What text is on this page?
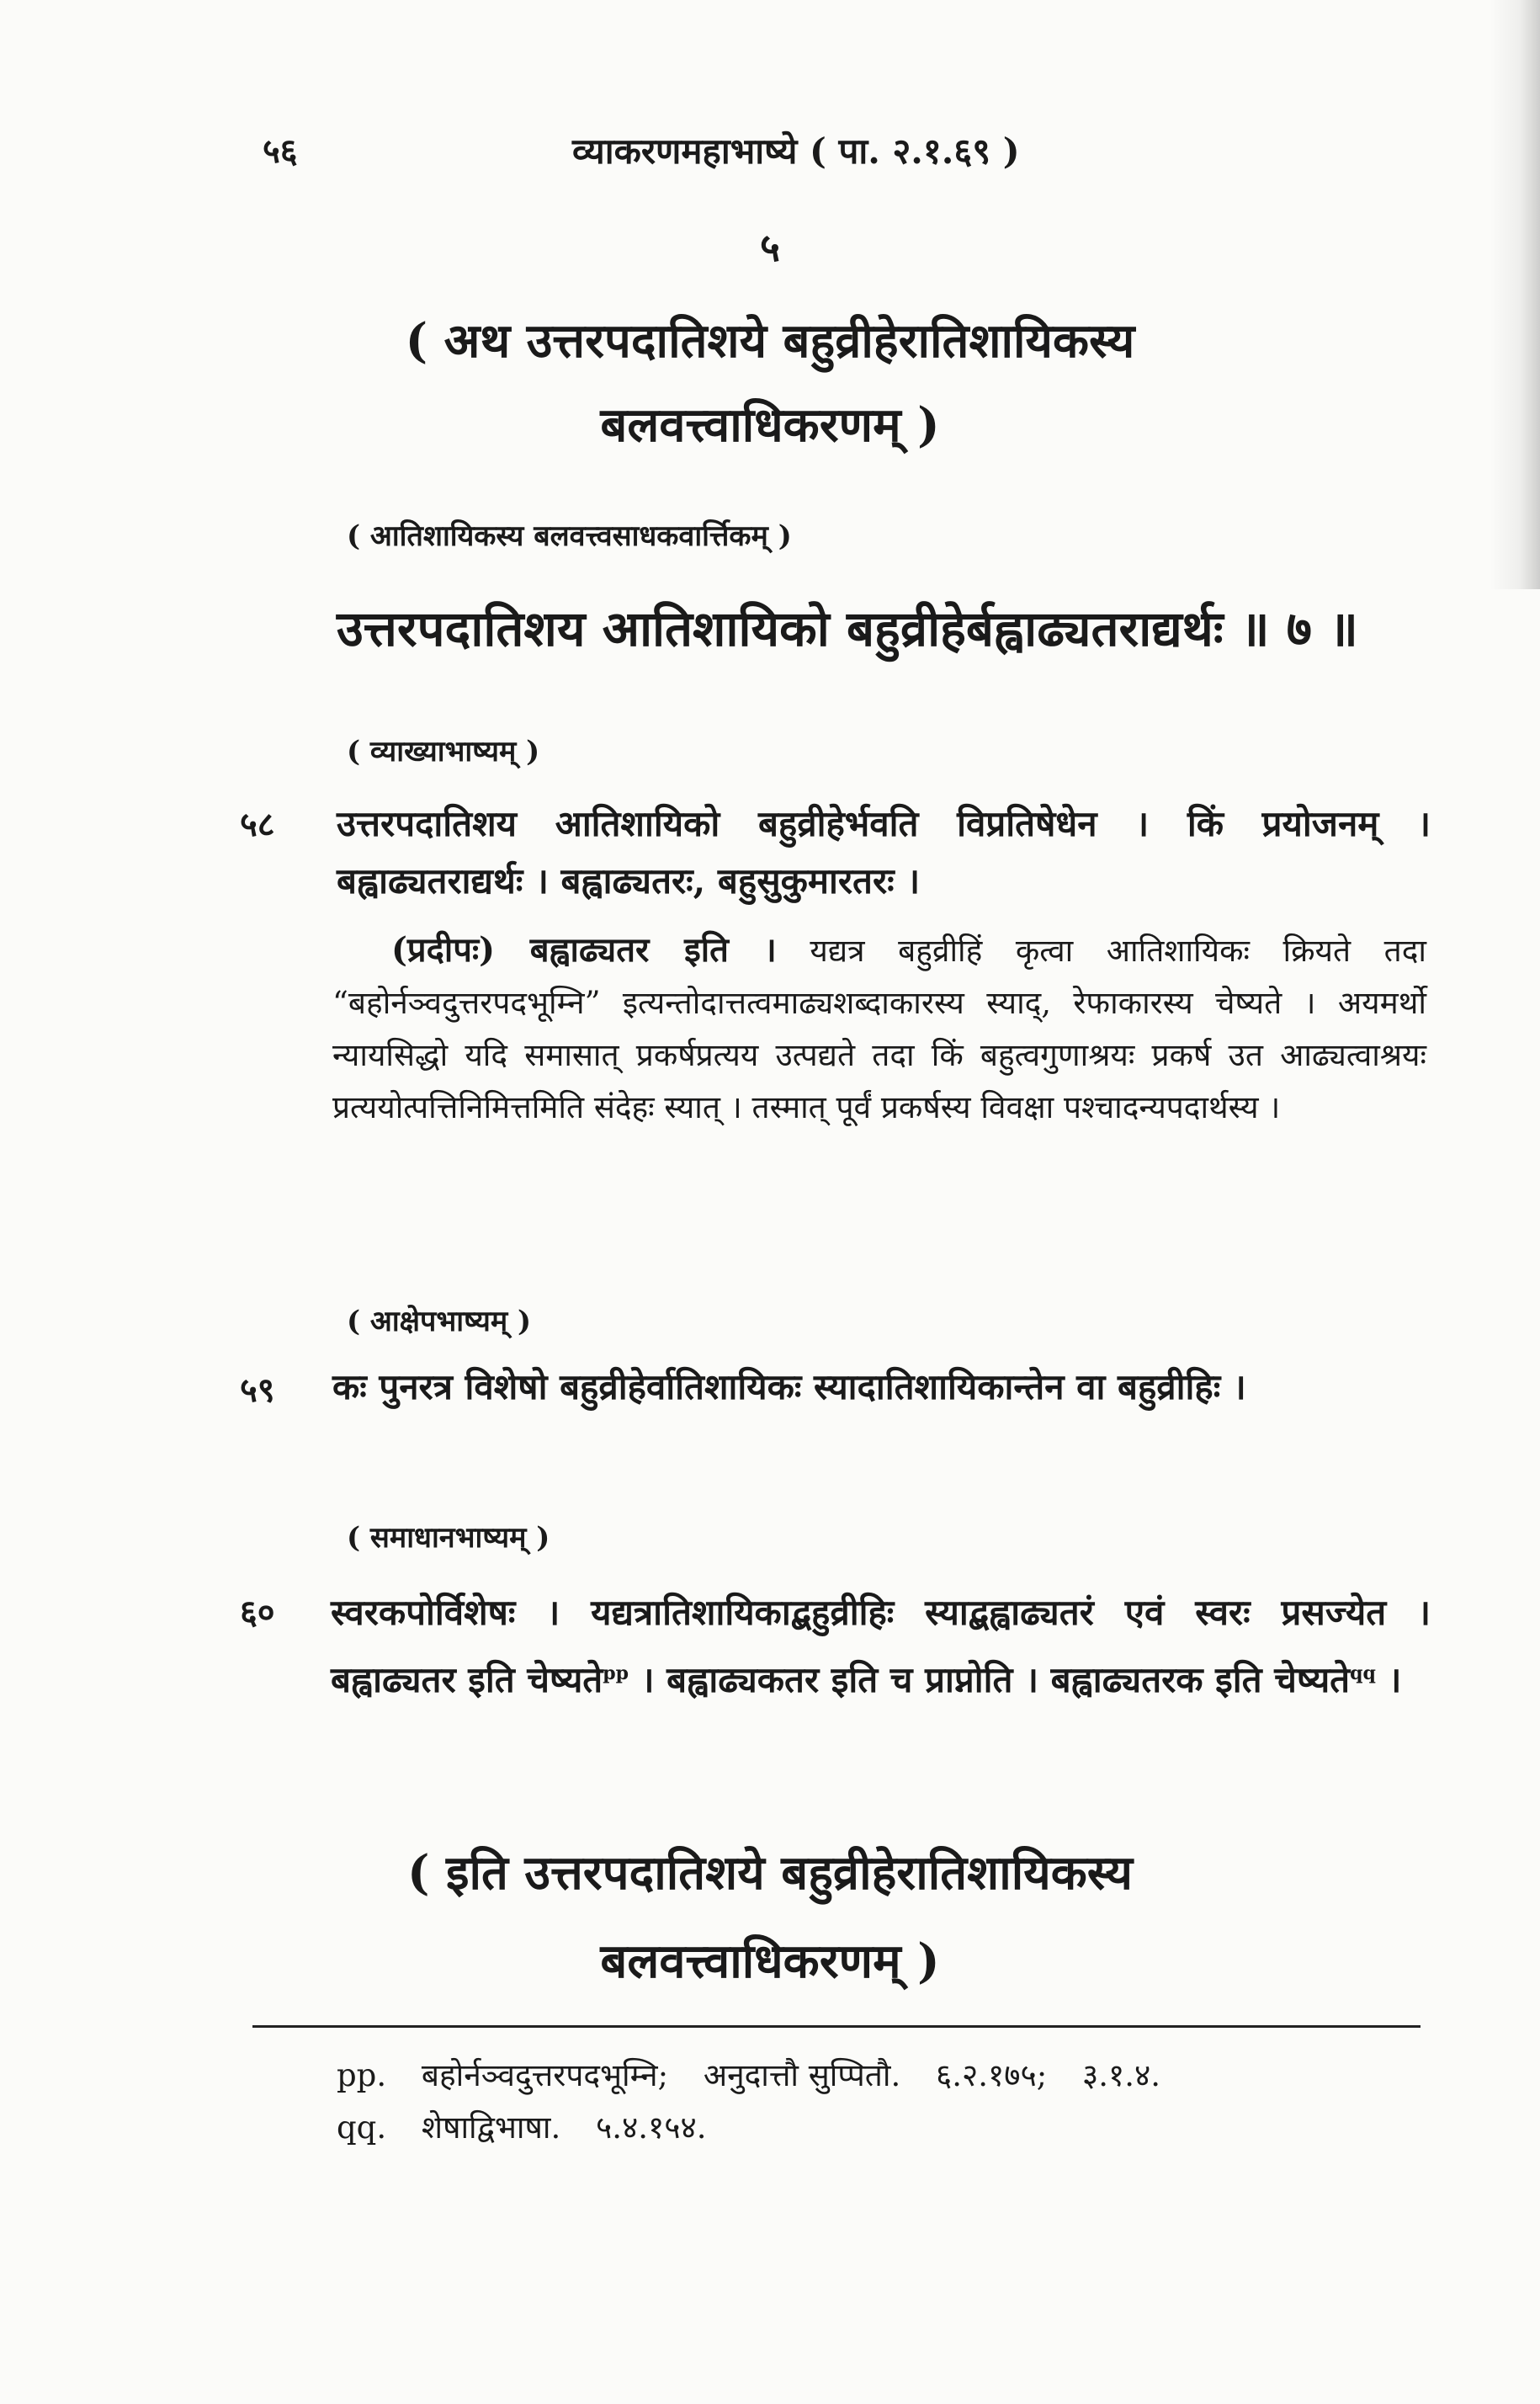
५६	व्याकरणमहाभाष्ये ( पा. २.१.६९ )
५
( अथ उत्तरपदातिशये बहुव्रीहेरातिशायिकस्य
बलवत्त्वाधिकरणम् )
( आतिशायिकस्य बलवत्त्वसाधकवार्त्तिकम् )
उत्तरपदातिशय आतिशायिको बहुव्रीहेर्बह्वाढ्यतराद्यर्थः ॥ ७ ॥
( व्याख्याभाष्यम् )
५८ उत्तरपदातिशय आतिशायिको बहुव्रीहेर्भवति विप्रतिषेधेन । किं प्रयोजनम् । बह्वाढ्यतराद्यर्थः । बह्वाढ्यतरः, बहुसुकुमारतरः ।
(प्रदीपः) बह्वाढ्यतर इति । यद्यत्र बहुव्रीहिं कृत्वा आतिशायिकः क्रियते तदा “बहोर्नञ्वदुत्तरपदभूम्नि” इत्यन्तोदात्तत्वमाढ्यशब्दाकारस्य स्याद्, रेफाकारस्य चेष्यते । अयमर्थो न्यायसिद्धो यदि समासात् प्रकर्षप्रत्यय उत्पद्यते तदा किं बहुत्वगुणाश्रयः प्रकर्ष उत आढ्यत्वाश्रयः प्रत्ययोत्पत्तिनिमित्तमिति संदेहः स्यात् । तस्मात् पूर्वं प्रकर्षस्य विवक्षा पश्चादन्यपदार्थस्य ।
( आक्षेपभाष्यम् )
५९ कः पुनरत्र विशेषो बहुव्रीहेर्वातिशायिकः स्यादातिशायिकान्तेन वा बहुव्रीहिः ।
( समाधानभाष्यम् )
६० स्वरकपोर्विशेषः । यद्यत्रातिशायिकाद्बहुव्रीहिः स्याद्बह्वाढ्यतरं एवं स्वरः प्रसज्येत । बह्वाढ्यतर इति चेष्यते$^{pp}$ । बह्वाढ्यकतर इति च प्राप्नोति । बह्वाढ्यतरक इति चेष्यते$^{qq}$ ।
( इति उत्तरपदातिशये बहुव्रीहेरातिशायिकस्य
बलवत्त्वाधिकरणम् )
pp. बहोर्नञ्वदुत्तरपदभूम्नि; अनुदात्तौ सुप्पितौ. ६.२.१७५; ३.१.४.
qq. शेषाद्विभाषा. ५.४.१५४.
